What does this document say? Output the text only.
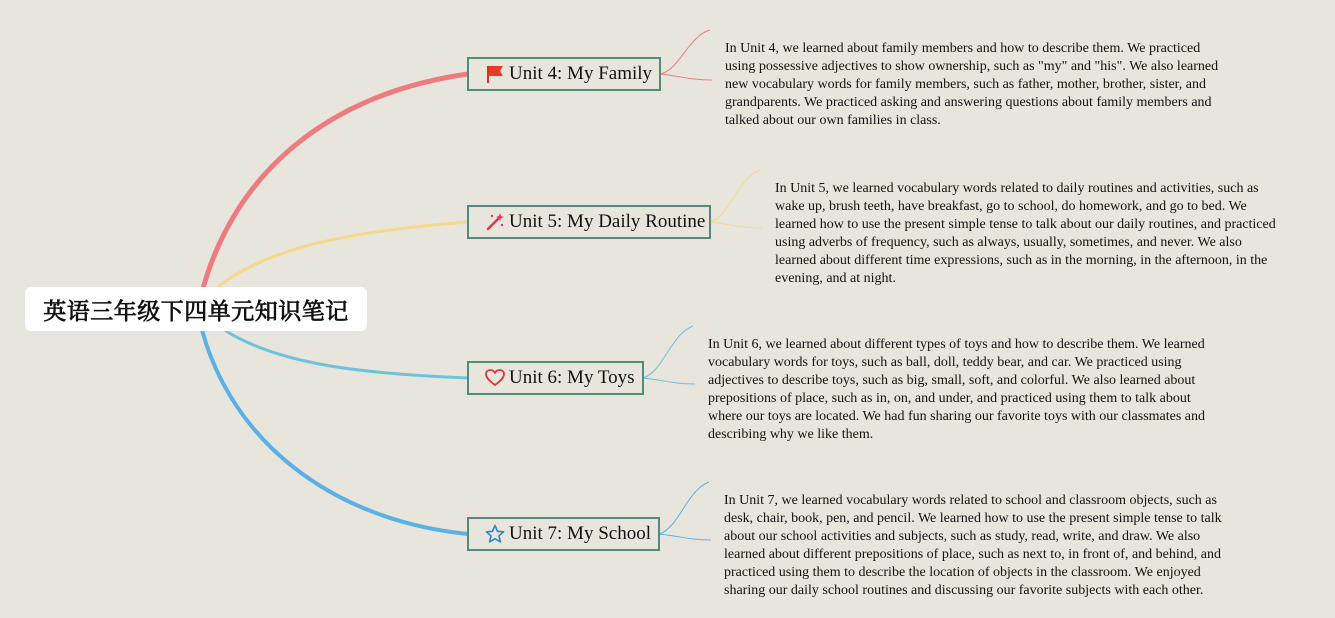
英语三年级下四单元知识笔记
Unit 4: My Family
In Unit 4, we learned about family members and how to describe them. We practiced using possessive adjectives to show ownership, such as "my" and "his". We also learned new vocabulary words for family members, such as father, mother, brother, sister, and grandparents. We practiced asking and answering questions about family members and talked about our own families in class.
Unit 5: My Daily Routine
In Unit 5, we learned vocabulary words related to daily routines and activities, such as wake up, brush teeth, have breakfast, go to school, do homework, and go to bed. We learned how to use the present simple tense to talk about our daily routines, and practiced using adverbs of frequency, such as always, usually, sometimes, and never. We also learned about different time expressions, such as in the morning, in the afternoon, in the evening, and at night.
Unit 6: My Toys
In Unit 6, we learned about different types of toys and how to describe them. We learned vocabulary words for toys, such as ball, doll, teddy bear, and car. We practiced using adjectives to describe toys, such as big, small, soft, and colorful. We also learned about prepositions of place, such as in, on, and under, and practiced using them to talk about where our toys are located. We had fun sharing our favorite toys with our classmates and describing why we like them.
Unit 7: My School
In Unit 7, we learned vocabulary words related to school and classroom objects, such as desk, chair, book, pen, and pencil. We learned how to use the present simple tense to talk about our school activities and subjects, such as study, read, write, and draw. We also learned about different prepositions of place, such as next to, in front of, and behind, and practiced using them to describe the location of objects in the classroom. We enjoyed sharing our daily school routines and discussing our favorite subjects with each other.
